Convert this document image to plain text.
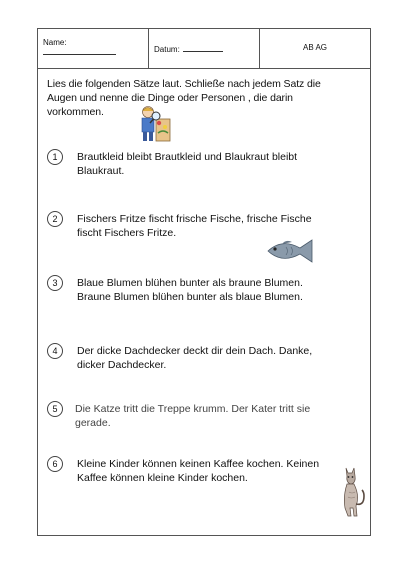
Name:
Datum:	AB AG
Lies die folgenden Sätze laut. Schließe nach jedem Satz die Augen und nenne die Dinge oder Personen , die darin vorkommen.
1	Brautkleid bleibt Brautkleid und Blaukraut bleibt Blaukraut.
2	Fischers Fritze fischt frische Fische, frische Fische fischt Fischers Fritze.
3	Blaue Blumen blühen bunter als braune Blumen. Braune Blumen blühen bunter als blaue Blumen.
4	Der dicke Dachdecker deckt dir dein Dach. Danke, dicker Dachdecker.
5	Die Katze tritt die Treppe krumm. Der Kater tritt sie gerade.
6	Kleine Kinder können keinen Kaffee kochen. Keinen Kaffee können kleine Kinder kochen.
